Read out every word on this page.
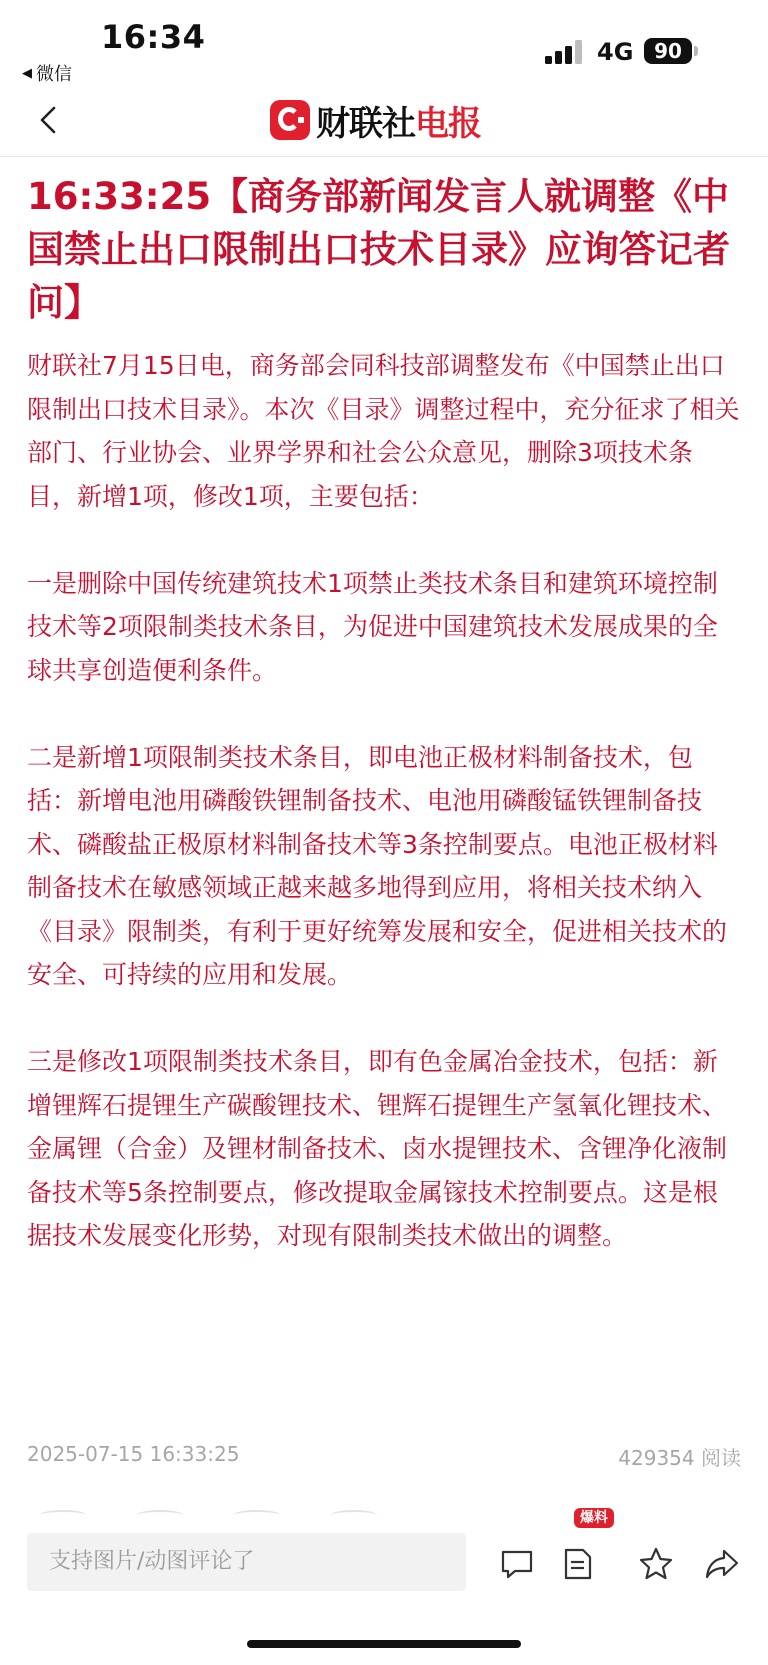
16:34
◀ 微信
4G	90
财联社电报
16:33:25【商务部新闻发言人就调整《中国禁止出口限制出口技术目录》应询答记者问】

财联社7月15日电，商务部会同科技部调整发布《中国禁止出口限制出口技术目录》。本次《目录》调整过程中，充分征求了相关部门、行业协会、业界学界和社会公众意见，删除3项技术条目，新增1项，修改1项，主要包括：

一是删除中国传统建筑技术1项禁止类技术条目和建筑环境控制技术等2项限制类技术条目，为促进中国建筑技术发展成果的全球共享创造便利条件。

二是新增1项限制类技术条目，即电池正极材料制备技术，包括：新增电池用磷酸铁锂制备技术、电池用磷酸锰铁锂制备技术、磷酸盐正极原材料制备技术等3条控制要点。电池正极材料制备技术在敏感领域正越来越多地得到应用，将相关技术纳入《目录》限制类，有利于更好统筹发展和安全，促进相关技术的安全、可持续的应用和发展。

三是修改1项限制类技术条目，即有色金属冶金技术，包括：新增锂辉石提锂生产碳酸锂技术、锂辉石提锂生产氢氧化锂技术、金属锂（合金）及锂材制备技术、卤水提锂技术、含锂净化液制备技术等5条控制要点，修改提取金属镓技术控制要点。这是根据技术发展变化形势，对现有限制类技术做出的调整。

2025-07-15 16:33:25	429354 阅读
支持图片/动图评论了
爆料
